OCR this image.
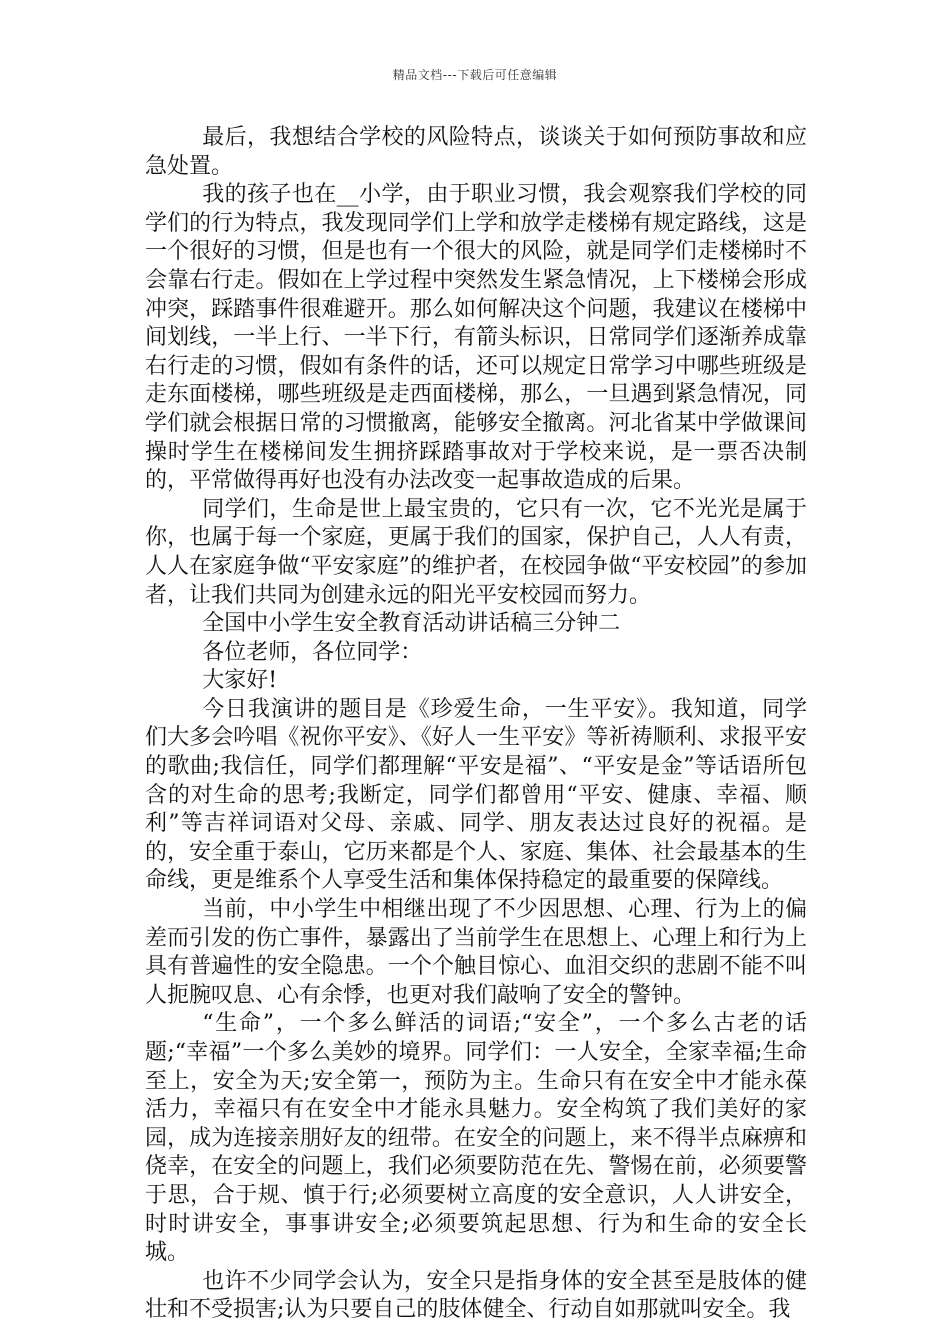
精品文档---下载后可任意编辑

最后，我想结合学校的风险特点，谈谈关于如何预防事故和应急处置。

我的孩子也在__小学，由于职业习惯，我会观察我们学校的同学们的行为特点，我发现同学们上学和放学走楼梯有规定路线，这是一个很好的习惯，但是也有一个很大的风险，就是同学们走楼梯时不会靠右行走。假如在上学过程中突然发生紧急情况，上下楼梯会形成冲突，踩踏事件很难避开。那么如何解决这个问题，我建议在楼梯中间划线，一半上行、一半下行，有箭头标识，日常同学们逐渐养成靠右行走的习惯，假如有条件的话，还可以规定日常学习中哪些班级是走东面楼梯，哪些班级是走西面楼梯，那么，一旦遇到紧急情况，同学们就会根据日常的习惯撤离，能够安全撤离。河北省某中学做课间操时学生在楼梯间发生拥挤踩踏事故对于学校来说，是一票否决制的，平常做得再好也没有办法改变一起事故造成的后果。

同学们，生命是世上最宝贵的，它只有一次，它不光光是属于你，也属于每一个家庭，更属于我们的国家，保护自己，人人有责，人人在家庭争做“平安家庭”的维护者，在校园争做“平安校园”的参加者，让我们共同为创建永远的阳光平安校园而努力。

全国中小学生安全教育活动讲话稿三分钟二

各位老师，各位同学：

大家好!

今日我演讲的题目是《珍爱生命，一生平安》。我知道，同学们大多会吟唱《祝你平安》、《好人一生平安》等祈祷顺利、求报平安的歌曲;我信任，同学们都理解“平安是福”、“平安是金”等话语所包含的对生命的思考;我断定，同学们都曾用“平安、健康、幸福、顺利”等吉祥词语对父母、亲戚、同学、朋友表达过良好的祝福。是的，安全重于泰山，它历来都是个人、家庭、集体、社会最基本的生命线，更是维系个人享受生活和集体保持稳定的最重要的保障线。

当前，中小学生中相继出现了不少因思想、心理、行为上的偏差而引发的伤亡事件，暴露出了当前学生在思想上、心理上和行为上具有普遍性的安全隐患。一个个触目惊心、血泪交织的悲剧不能不叫人扼腕叹息、心有余悸，也更对我们敲响了安全的警钟。

“生命”，一个多么鲜活的词语;“安全”，一个多么古老的话题;“幸福”一个多么美妙的境界。同学们：一人安全，全家幸福;生命至上，安全为天;安全第一，预防为主。生命只有在安全中才能永葆活力，幸福只有在安全中才能永具魅力。安全构筑了我们美好的家园，成为连接亲朋好友的纽带。在安全的问题上，来不得半点麻痹和侥幸，在安全的问题上，我们必须要防范在先、警惕在前，必须要警于思，合于规、慎于行;必须要树立高度的安全意识，人人讲安全，时时讲安全，事事讲安全;必须要筑起思想、行为和生命的安全长城。

也许不少同学会认为，安全只是指身体的安全甚至是肢体的健壮和不受损害;认为只要自己的肢体健全、行动自如那就叫安全。我
